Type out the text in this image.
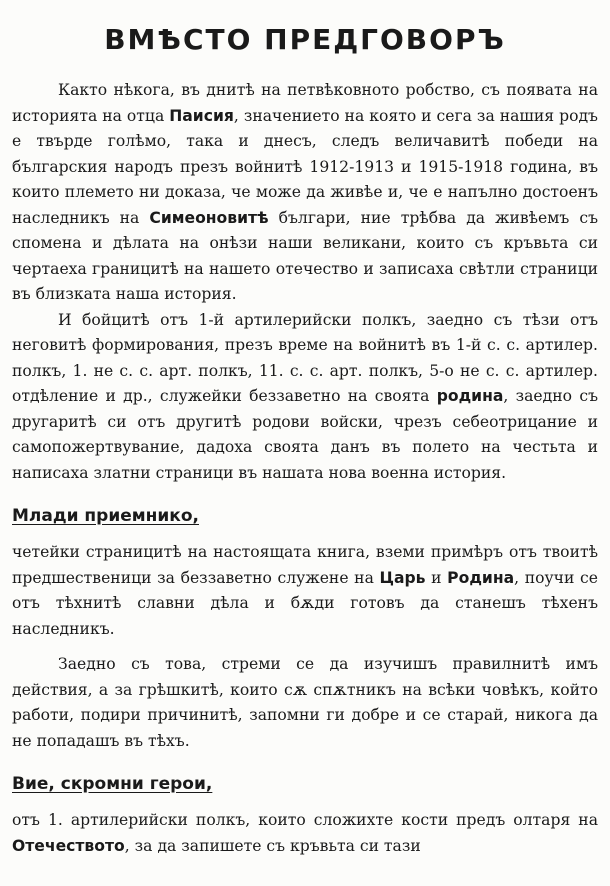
ВМѢСТО ПРЕДГОВОРЪ

Както нѣкога, въ днитѣ на петвѣковното робство, съ появата на историята на отца Паисия, значението на която и сега за нашия родъ е твърде голѣмо, така и днесъ, следъ величавитѣ победи на българския народъ презъ войнитѣ 1912-1913 и 1915-1918 година, въ които племето ни доказа, че може да живѣе и, че е напълно достоенъ наследникъ на Симеоновитѣ българи, ние трѣбва да живѣемъ съ спомена и дѣлата на онѣзи наши великани, които съ кръвьта си чертаеха границитѣ на нашето отечество и записаха свѣтли страници въ близката наша история.

И бойцитѣ отъ 1-й артилерийски полкъ, заедно съ тѣзи отъ неговитѣ формирования, презъ време на войнитѣ въ 1-й с. с. артилер. полкъ, 1. не с. с. арт. полкъ, 11. с. с. арт. полкъ, 5-о не с. с. артилер. отдѣление и др., служейки беззаветно на своята родина, заедно съ другаритѣ си отъ другитѣ родови войски, чрезъ себеотрицание и самопожертвувание, дадоха своята данъ въ полето на честьта и написаха златни страници въ нашата нова военна история.

Млади приемнико,

четейки страницитѣ на настоящата книга, вземи примѣръ отъ твоитѣ предшественици за беззаветно служене на Царь и Родина, поучи се отъ тѣхнитѣ славни дѣла и бѫди готовъ да станешъ тѣхенъ наследникъ.

Заедно съ това, стреми се да изучишъ правилнитѣ имъ действия, а за грѣшкитѣ, които сѫ спѫтникъ на всѣки човѣкъ, който работи, подири причинитѣ, запомни ги добре и се старай, никога да не попадашъ въ тѣхъ.

Вие, скромни герои,

отъ 1. артилерийски полкъ, които сложихте кости предъ олтаря на Отечеството, за да запишете съ кръвьта си тази
